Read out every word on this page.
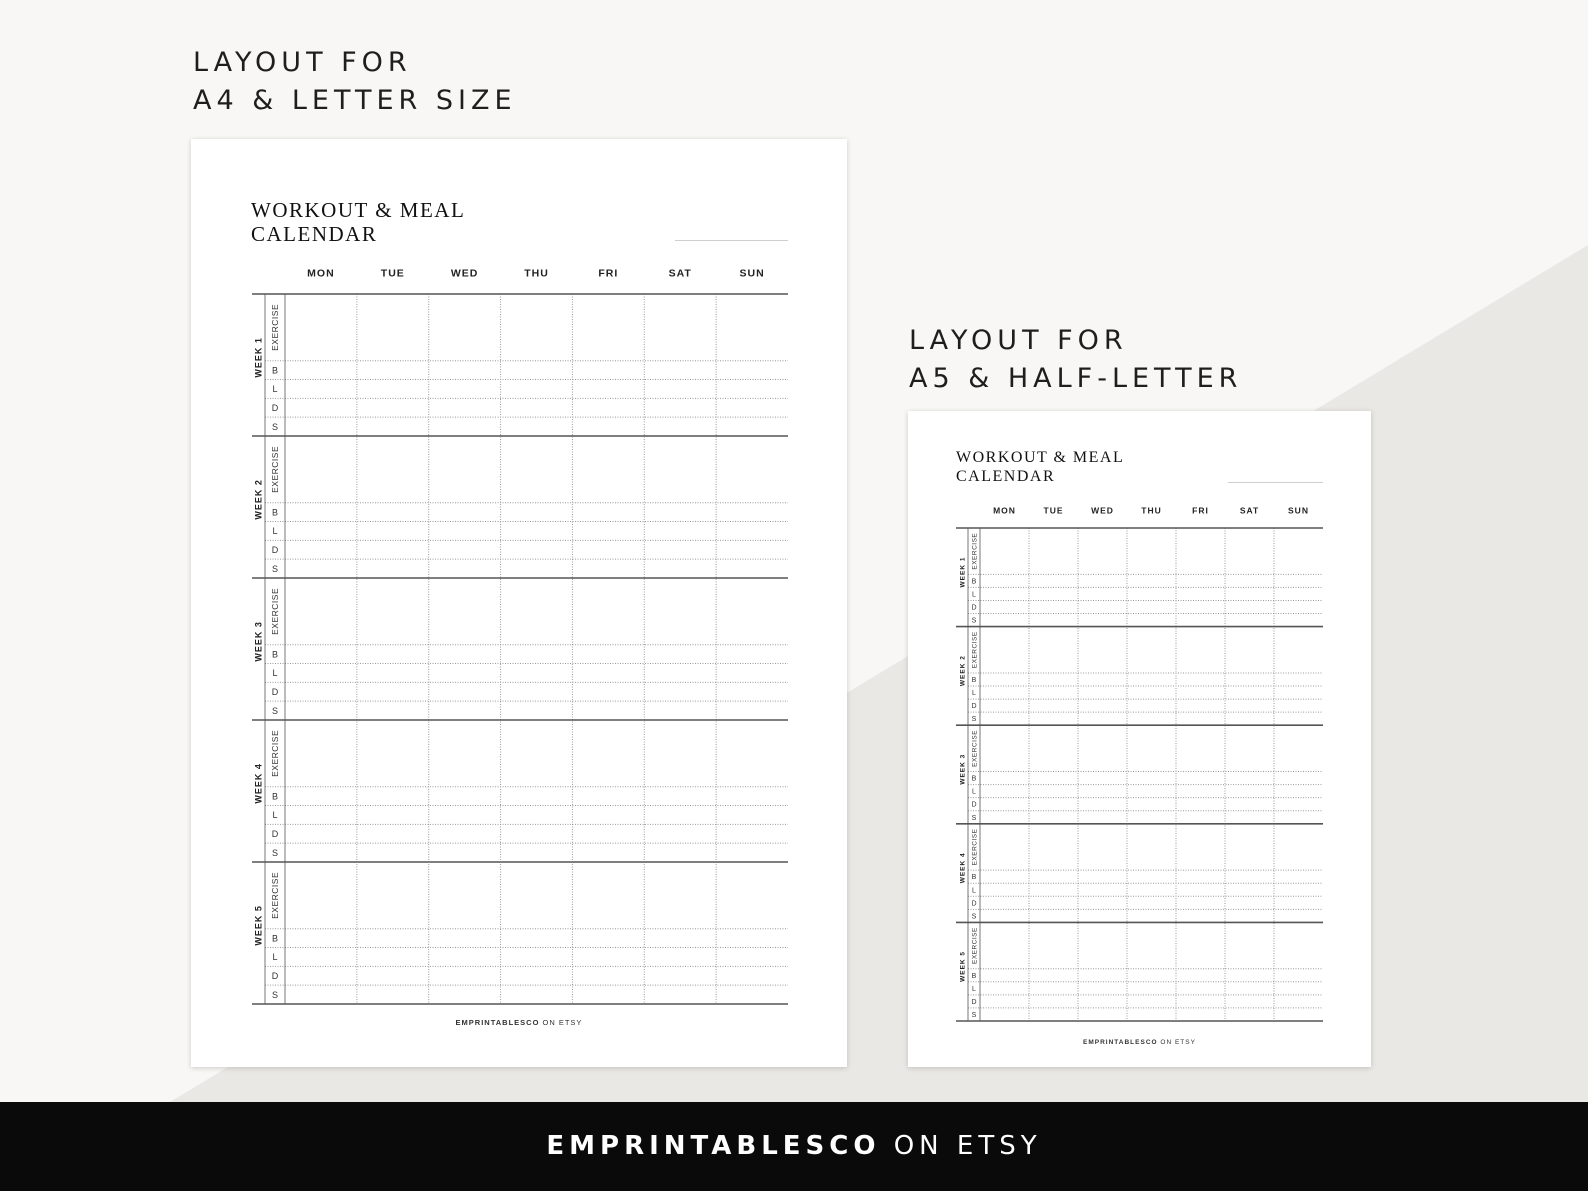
LAYOUT FOR
A4 & LETTER SIZE
LAYOUT FOR
A5 & HALF-LETTER
WORKOUT & MEAL
CALENDAR
MON	TUE	WED	THU	FRI	SAT	SUN
WEEK 1
EXERCISE
B
L
D
S
WEEK 2
EXERCISE
B
L
D
S
WEEK 3
EXERCISE
B
L
D
S
WEEK 4
EXERCISE
B
L
D
S
WEEK 5
EXERCISE
B
L
D
S

EMPRINTABLESCO ON ETSY

WORKOUT & MEAL
CALENDAR
MON	TUE	WED	THU	FRI	SAT	SUN
WEEK 1
EXERCISE
B
L
D
S
WEEK 2
EXERCISE
B
L
D
S
WEEK 3
EXERCISE
B
L
D
S
WEEK 4
EXERCISE
B
L
D
S
WEEK 5
EXERCISE
B
L
D
S

EMPRINTABLESCO ON ETSY

EMPRINTABLESCO ON ETSY
